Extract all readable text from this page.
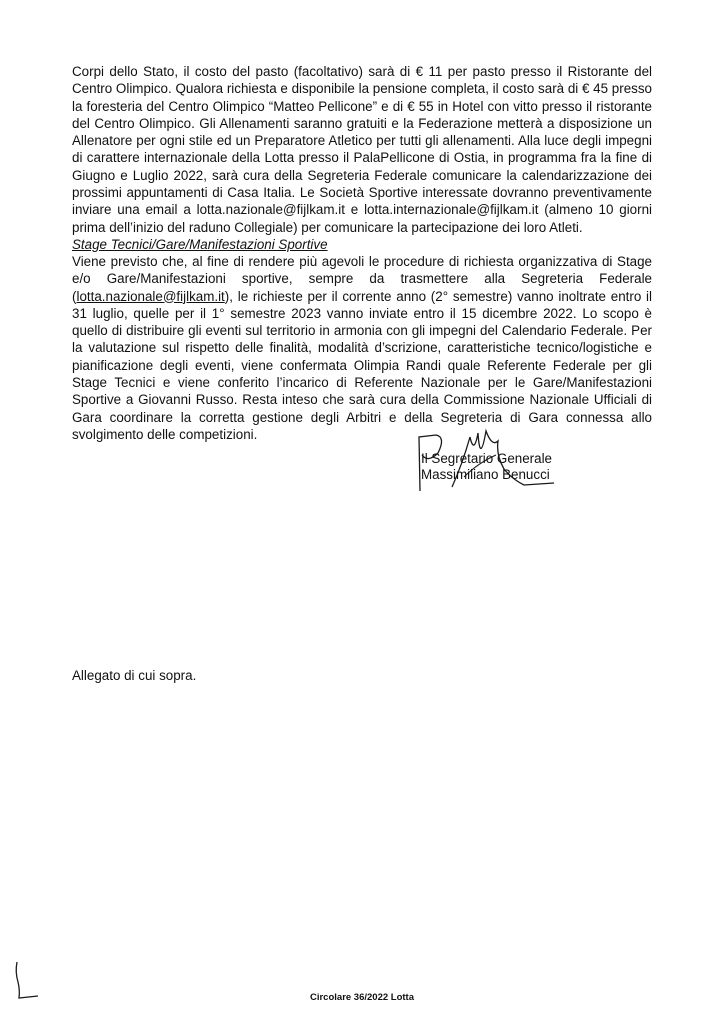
Corpi dello Stato, il costo del pasto (facoltativo) sarà di € 11 per pasto presso il Ristorante del Centro Olimpico. Qualora richiesta e disponibile la pensione completa, il costo sarà di € 45 presso la foresteria del Centro Olimpico “Matteo Pellicone” e di € 55 in Hotel con vitto presso il ristorante del Centro Olimpico. Gli Allenamenti saranno gratuiti e la Federazione metterà a disposizione un Allenatore per ogni stile ed un Preparatore Atletico per tutti gli allenamenti. Alla luce degli impegni di carattere internazionale della Lotta presso il PalaPellicone di Ostia, in programma fra la fine di Giugno e Luglio 2022, sarà cura della Segreteria Federale comunicare la calendarizzazione dei prossimi appuntamenti di Casa Italia. Le Società Sportive interessate dovranno preventivamente inviare una email a lotta.nazionale@fijlkam.it e lotta.internazionale@fijlkam.it (almeno 10 giorni prima dell’inizio del raduno Collegiale) per comunicare la partecipazione dei loro Atleti.

Stage Tecnici/Gare/Manifestazioni Sportive

Viene previsto che, al fine di rendere più agevoli le procedure di richiesta organizzativa di Stage e/o Gare/Manifestazioni sportive, sempre da trasmettere alla Segreteria Federale (lotta.nazionale@fijlkam.it), le richieste per il corrente anno (2° semestre) vanno inoltrate entro il 31 luglio, quelle per il 1° semestre 2023 vanno inviate entro il 15 dicembre 2022. Lo scopo è quello di distribuire gli eventi sul territorio in armonia con gli impegni del Calendario Federale. Per la valutazione sul rispetto delle finalità, modalità d’scrizione, caratteristiche tecnico/logistiche e pianificazione degli eventi, viene confermata Olimpia Randi quale Referente Federale per gli Stage Tecnici e viene conferito l’incarico di Referente Nazionale per le Gare/Manifestazioni Sportive a Giovanni Russo. Resta inteso che sarà cura della Commissione Nazionale Ufficiali di Gara coordinare la corretta gestione degli Arbitri e della Segreteria di Gara connessa allo svolgimento delle competizioni.

Il Segretario Generale
Massimiliano Benucci

Allegato di cui sopra.

Circolare 36/2022 Lotta
